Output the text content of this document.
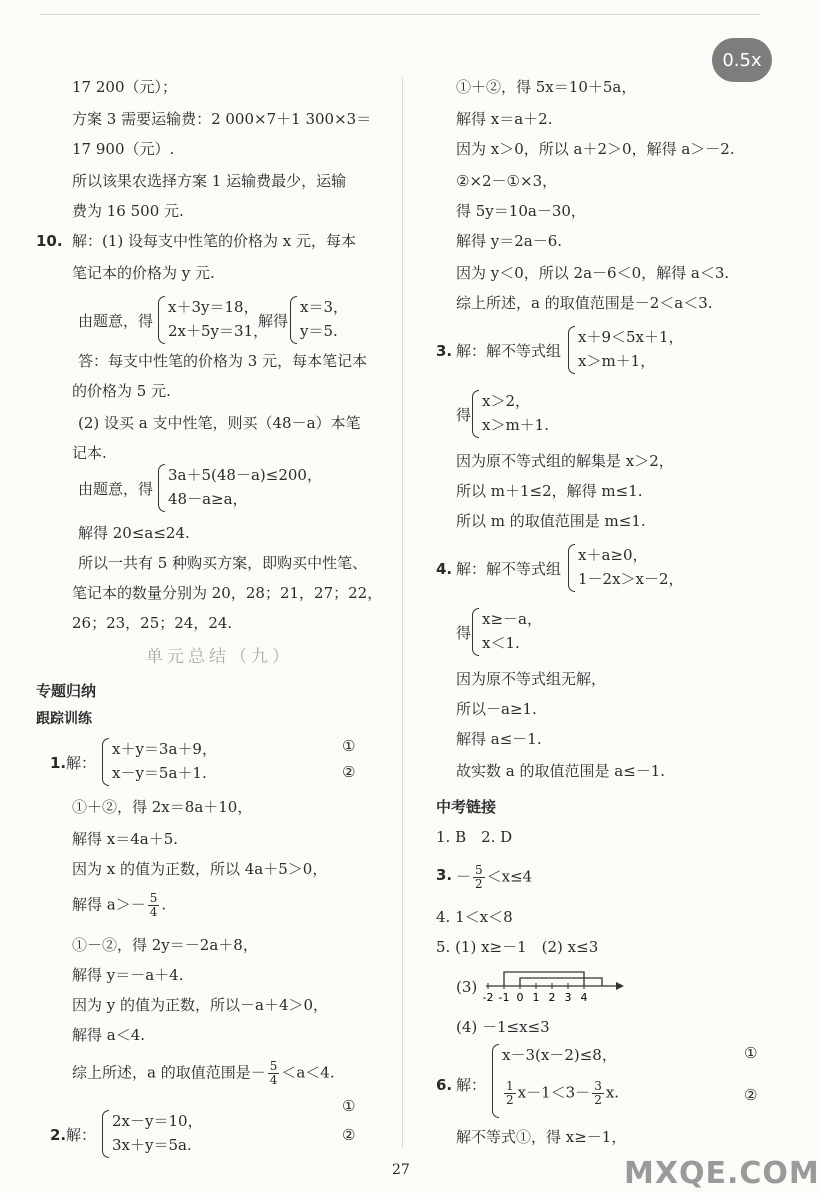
0.5x
17 200（元）；
方案 3 需要运输费：2 000×7＋1 300×3＝
17 900（元）.
所以该果农选择方案 1 运输费最少，运输
费为 16 500 元.
10. 解：(1) 设每支中性笔的价格为 x 元，每本
笔记本的价格为 y 元.
由题意，得
x＋3y＝18，
2x＋5y＝31，
解得
x＝3，
y＝5.
答：每支中性笔的价格为 3 元，每本笔记本
的价格为 5 元.
(2) 设买 a 支中性笔，则买（48－a）本笔
记本.
由题意，得
3a＋5(48－a)≤200，
48－a≥a，
解得 20≤a≤24.
所以一共有 5 种购买方案，即购买中性笔、
笔记本的数量分别为 20，28；21，27；22，
26；23，25；24，24.
单元总结（九）
专题归纳
跟踪训练
1. 解：
x＋y＝3a＋9，
x－y＝5a＋1.
①
②
①＋②，得 2x＝8a＋10，
解得 x＝4a＋5.
因为 x 的值为正数，所以 4a＋5＞0，
解得 $a>- \frac{5}{4}$ .
①－②，得 2y＝－2a＋8，
解得 y＝－a＋4.
因为 y 的值为正数，所以－a＋4＞0，
解得 a＜4.
综上所述，a 的取值范围是－ $\frac{5}{4} <a<4$.
2. 解：
2x－y＝10，
3x＋y＝5a.
①
②
①＋②，得 5x＝10＋5a，
解得 x＝a＋2.
因为 x＞0，所以 a＋2＞0，解得 a＞－2.
②×2－①×3，
得 5y＝10a－30，
解得 y＝2a－6.
因为 y＜0，所以 2a－6＜0，解得 a＜3.
综上所述，a 的取值范围是－2＜a＜3.
3. 解：解不等式组
x＋9＜5x＋1，
x＞m＋1，
得
x＞2，
x＞m＋1.
因为原不等式组的解集是 x＞2，
所以 m＋1≤2，解得 m≤1.
所以 m 的取值范围是 m≤1.
4. 解：解不等式组
x＋a≥0，
1－2x＞x－2，
得
x≥－a，
x＜1.
因为原不等式组无解，
所以－a≥1.
解得 a≤－1.
故实数 a 的取值范围是 a≤－1.
中考链接
1. B　2. D
3. － $\frac{5}{2} <x\le 4$
4. 1＜x＜8
5. (1) x≥－1　(2) x≤3
(3)
-2 -1 0 1 2 3 4
(4) －1≤x≤3
6. 解：
x－3(x－2)≤8，
$\frac{1}{2} x-1<3- \frac{3}{2} x$.
①
②
解不等式①，得 x≥－1，
27	MXQE.COM
